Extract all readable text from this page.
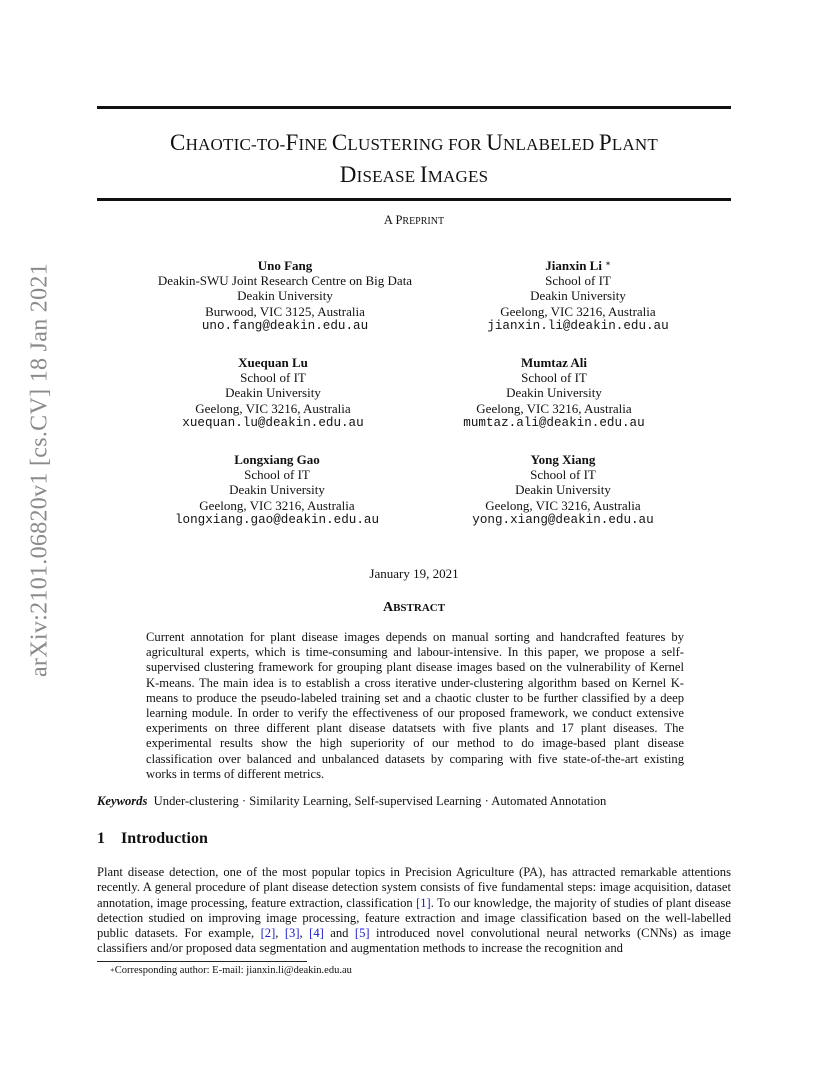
arXiv:2101.06820v1 [cs.CV] 18 Jan 2021
CHAOTIC-TO-FINE CLUSTERING FOR UNLABELED PLANT
DISEASE IMAGES
A PREPRINT
Uno Fang
Deakin-SWU Joint Research Centre on Big Data
Deakin University
Burwood, VIC 3125, Australia
uno.fang@deakin.edu.au
Jianxin Li ∗
School of IT
Deakin University
Geelong, VIC 3216, Australia
jianxin.li@deakin.edu.au
Xuequan Lu
School of IT
Deakin University
Geelong, VIC 3216, Australia
xuequan.lu@deakin.edu.au
Mumtaz Ali
School of IT
Deakin University
Geelong, VIC 3216, Australia
mumtaz.ali@deakin.edu.au
Longxiang Gao
School of IT
Deakin University
Geelong, VIC 3216, Australia
longxiang.gao@deakin.edu.au
Yong Xiang
School of IT
Deakin University
Geelong, VIC 3216, Australia
yong.xiang@deakin.edu.au
January 19, 2021
ABSTRACT
Current annotation for plant disease images depends on manual sorting and handcrafted features by agricultural experts, which is time-consuming and labour-intensive. In this paper, we propose a self-supervised clustering framework for grouping plant disease images based on the vulnerability of Kernel K-means. The main idea is to establish a cross iterative under-clustering algorithm based on Kernel K-means to produce the pseudo-labeled training set and a chaotic cluster to be further classified by a deep learning module. In order to verify the effectiveness of our proposed framework, we conduct extensive experiments on three different plant disease datatsets with five plants and 17 plant diseases. The experimental results show the high superiority of our method to do image-based plant disease classification over balanced and unbalanced datasets by comparing with five state-of-the-art existing works in terms of different metrics.
Keywords Under-clustering · Similarity Learning, Self-supervised Learning · Automated Annotation
1 Introduction
Plant disease detection, one of the most popular topics in Precision Agriculture (PA), has attracted remarkable attentions recently. A general procedure of plant disease detection system consists of five fundamental steps: image acquisition, dataset annotation, image processing, feature extraction, classification [1]. To our knowledge, the majority of studies of plant disease detection studied on improving image processing, feature extraction and image classification based on the well-labelled public datasets. For example, [2], [3], [4] and [5] introduced novel convolutional neural networks (CNNs) as image classifiers and/or proposed data segmentation and augmentation methods to increase the recognition and
∗Corresponding author: E-mail: jianxin.li@deakin.edu.au
